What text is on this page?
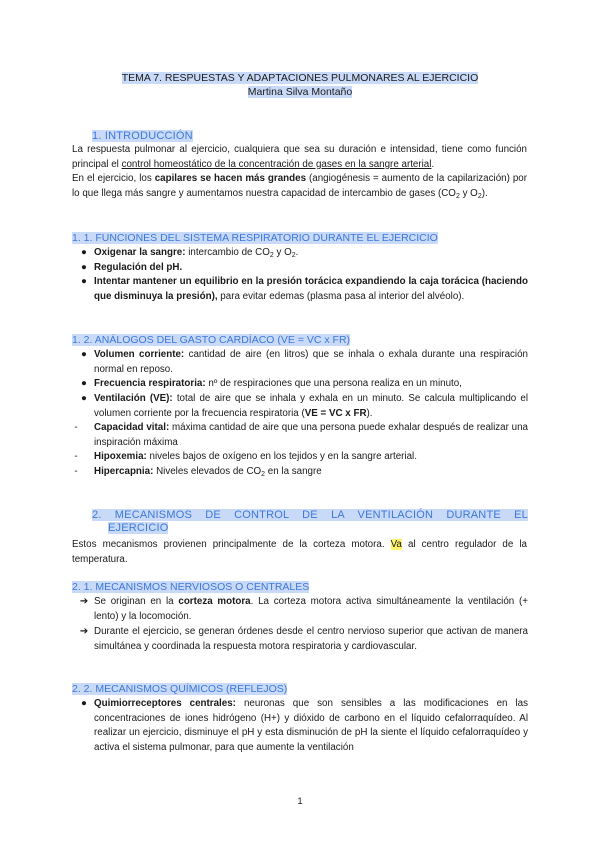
TEMA 7. RESPUESTAS Y ADAPTACIONES PULMONARES AL EJERCICIO
Martina Silva Montaño
1. INTRODUCCIÓN
La respuesta pulmonar al ejercicio, cualquiera que sea su duración e intensidad, tiene como función principal el control homeostático de la concentración de gases en la sangre arterial.
En el ejercicio, los capilares se hacen más grandes (angiogénesis = aumento de la capilarización) por lo que llega más sangre y aumentamos nuestra capacidad de intercambio de gases ($CO_2$ y $O_2$).
1. 1. FUNCIONES DEL SISTEMA RESPIRATORIO DURANTE EL EJERCICIO
● Oxigenar la sangre: intercambio de $CO_2$ y $O_2$.
● Regulación del pH.
● Intentar mantener un equilibrio en la presión torácica expandiendo la caja torácica (haciendo que disminuya la presión), para evitar edemas (plasma pasa al interior del alvéolo).
1. 2. ANÁLOGOS DEL GASTO CARDÍACO (VE = VC x FR)
● Volumen corriente: cantidad de aire (en litros) que se inhala o exhala durante una respiración normal en reposo.
● Frecuencia respiratoria: nº de respiraciones que una persona realiza en un minuto,
● Ventilación (VE): total de aire que se inhala y exhala en un minuto. Se calcula multiplicando el volumen corriente por la frecuencia respiratoria (VE = VC x FR).
-	Capacidad vital: máxima cantidad de aire que una persona puede exhalar después de realizar una inspiración máxima
-	Hipoxemia: niveles bajos de oxígeno en los tejidos y en la sangre arterial.
-	Hipercapnia: Niveles elevados de $CO_2$ en la sangre
2. MECANISMOS DE CONTROL DE LA VENTILACIÓN DURANTE EL
EJERCICIO
Estos mecanismos provienen principalmente de la corteza motora. Va al centro regulador de la temperatura.
2. 1. MECANISMOS NERVIOSOS O CENTRALES
➔ Se originan en la corteza motora. La corteza motora activa simultáneamente la ventilación (+ lento) y la locomoción.
➔ Durante el ejercicio, se generan órdenes desde el centro nervioso superior que activan de manera simultánea y coordinada la respuesta motora respiratoria y cardiovascular.
2. 2. MECANISMOS QUÍMICOS (REFLEJOS)
● Quimiorreceptores centrales: neuronas que son sensibles a las modificaciones en las concentraciones de iones hidrógeno (H+) y dióxido de carbono en el líquido cefalorraquídeo. Al realizar un ejercicio, disminuye el pH y esta disminución de pH la siente el líquido cefalorraquídeo y activa el sistema pulmonar, para que aumente la ventilación
1
